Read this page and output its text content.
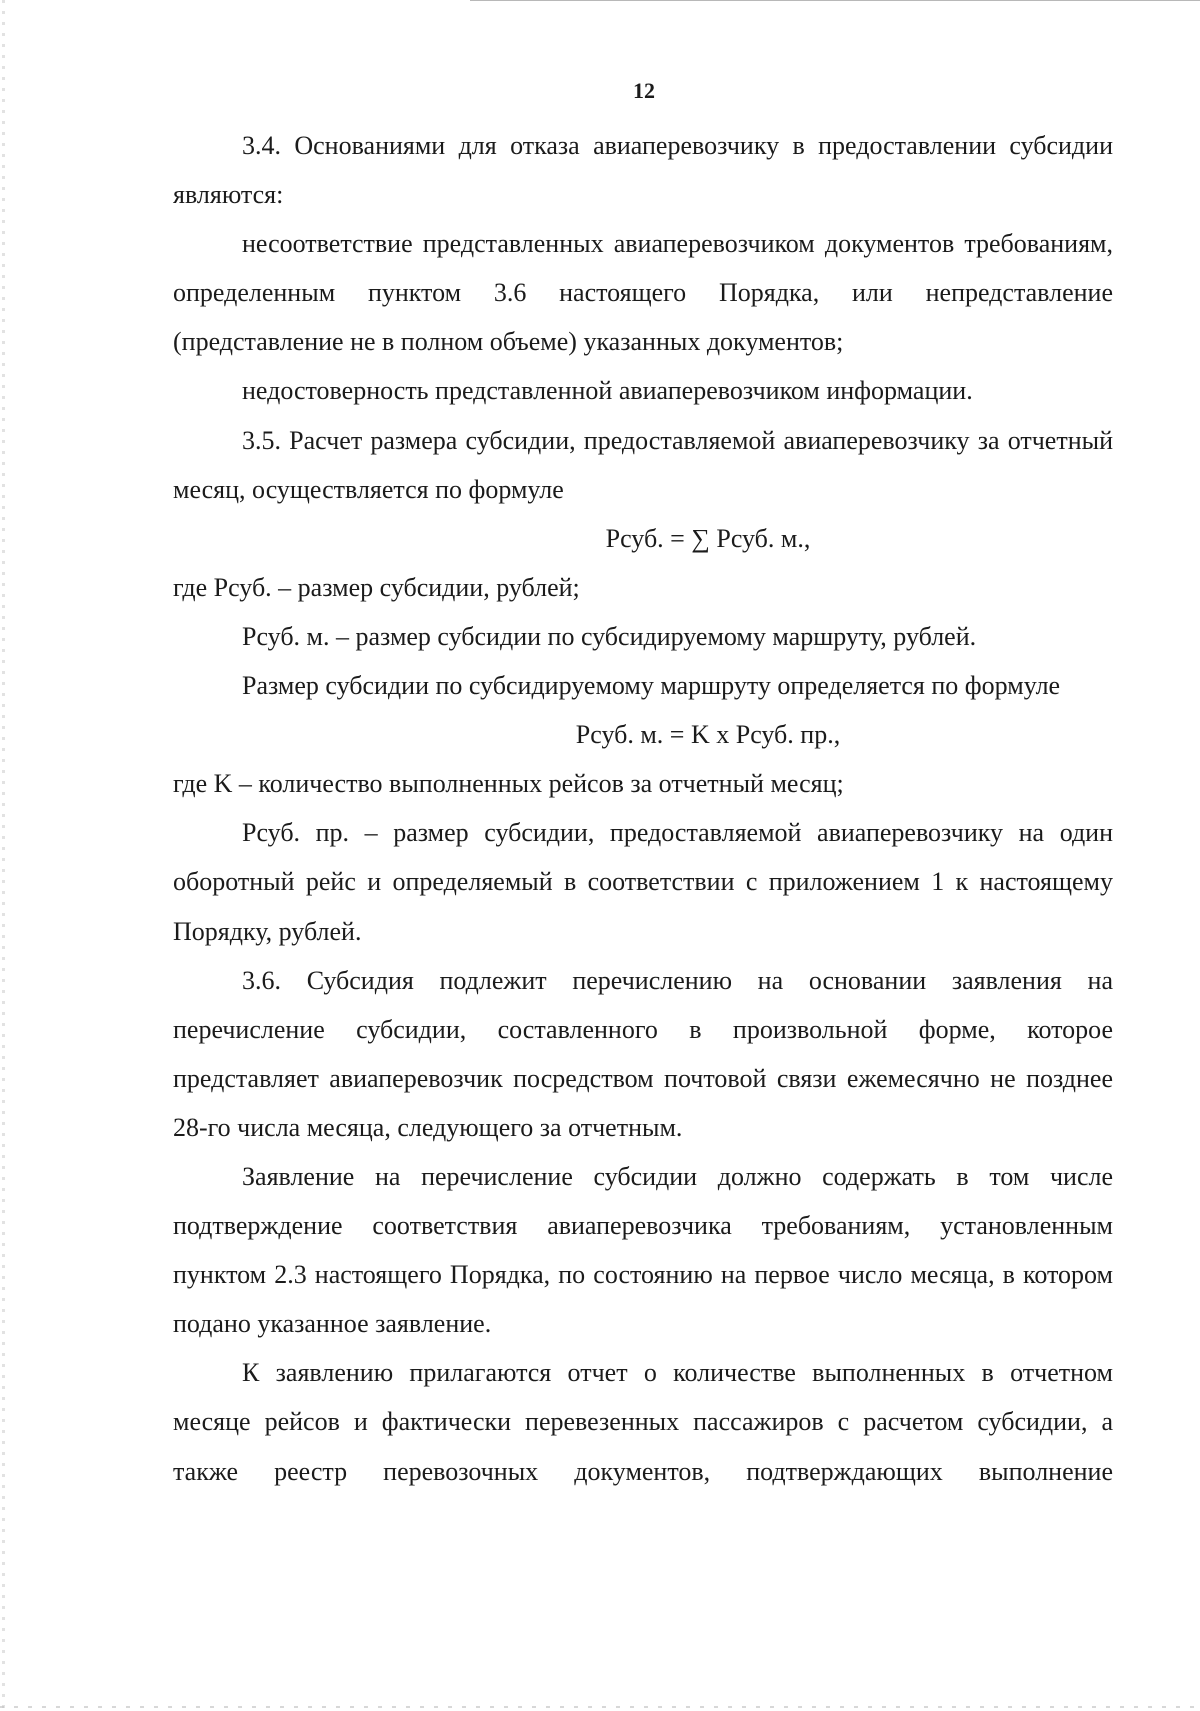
12

3.4. Основаниями для отказа авиаперевозчику в предоставлении субсидии являются:

несоответствие представленных авиаперевозчиком документов требованиям, определенным пунктом 3.6 настоящего Порядка, или непредставление (представление не в полном объеме) указанных документов;

недостоверность представленной авиаперевозчиком информации.

3.5. Расчет размера субсидии, предоставляемой авиаперевозчику за отчетный месяц, осуществляется по формуле

Pсуб. = ∑ Pсуб. м.,

где Pсуб. – размер субсидии, рублей;

Pсуб. м. – размер субсидии по субсидируемому маршруту, рублей.

Размер субсидии по субсидируемому маршруту определяется по формуле

Pсуб. м. = K x Pсуб. пр.,

где K – количество выполненных рейсов за отчетный месяц;

Pсуб. пр. – размер субсидии, предоставляемой авиаперевозчику на один оборотный рейс и определяемый в соответствии с приложением 1 к настоящему Порядку, рублей.

3.6. Субсидия подлежит перечислению на основании заявления на перечисление субсидии, составленного в произвольной форме, которое представляет авиаперевозчик посредством почтовой связи ежемесячно не позднее 28-го числа месяца, следующего за отчетным.

Заявление на перечисление субсидии должно содержать в том числе подтверждение соответствия авиаперевозчика требованиям, установленным пунктом 2.3 настоящего Порядка, по состоянию на первое число месяца, в котором подано указанное заявление.

К заявлению прилагаются отчет о количестве выполненных в отчетном месяце рейсов и фактически перевезенных пассажиров с расчетом субсидии, а также реестр перевозочных документов, подтверждающих выполнение
